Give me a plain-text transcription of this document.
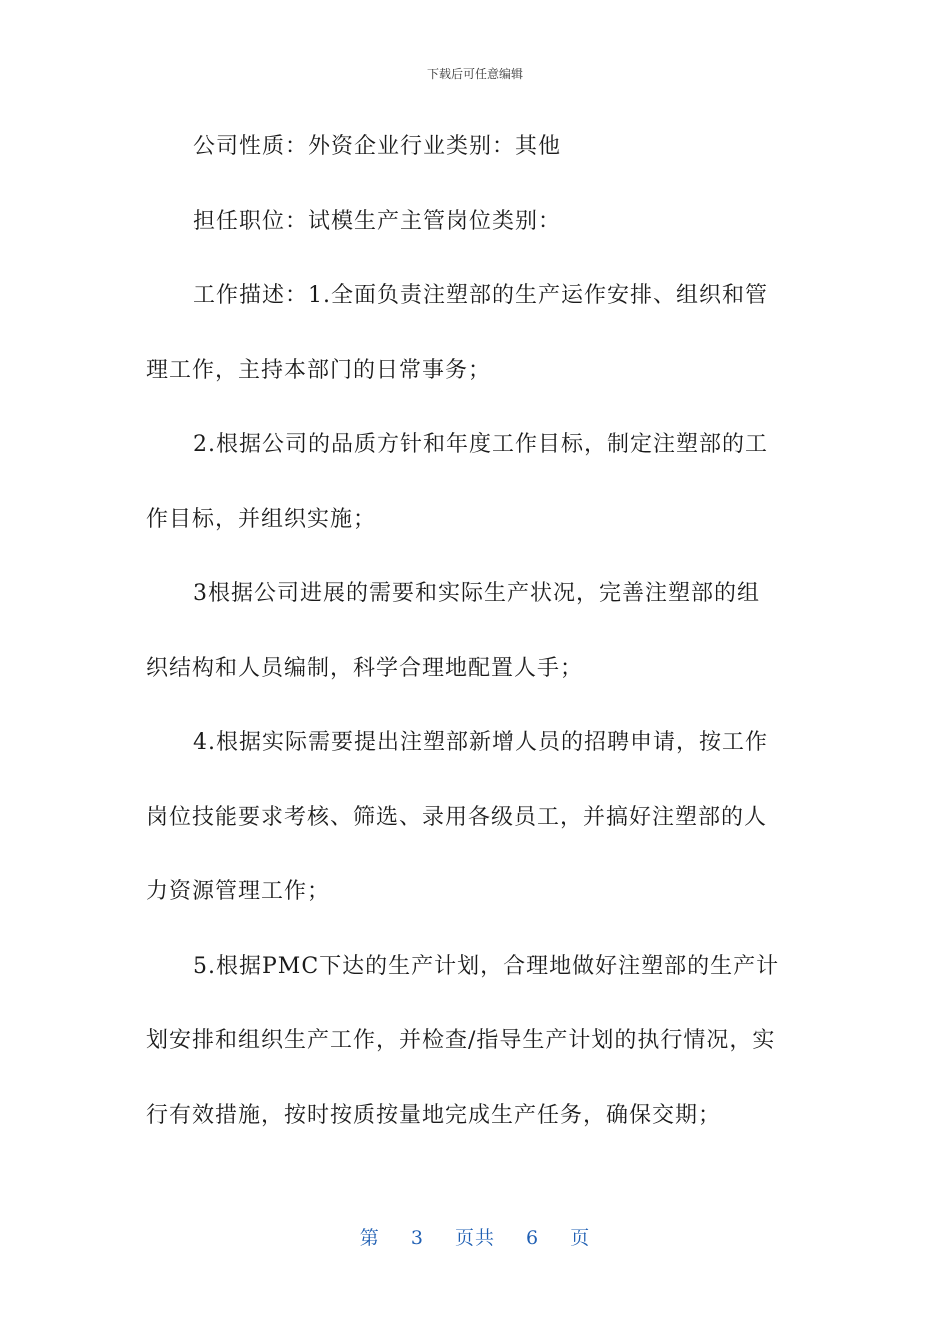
下载后可任意编辑
公司性质：外资企业行业类别：其他
担任职位：试模生产主管岗位类别：
工作描述：1.全面负责注塑部的生产运作安排、组织和管
理工作，主持本部门的日常事务；
2.根据公司的品质方针和年度工作目标，制定注塑部的工
作目标，并组织实施；
3根据公司进展的需要和实际生产状况，完善注塑部的组
织结构和人员编制，科学合理地配置人手；
4.根据实际需要提出注塑部新增人员的招聘申请，按工作
岗位技能要求考核、筛选、录用各级员工，并搞好注塑部的人
力资源管理工作；
5.根据PMC下达的生产计划，合理地做好注塑部的生产计
划安排和组织生产工作，并检查/指导生产计划的执行情况，实
行有效措施，按时按质按量地完成生产任务，确保交期；
第 3 页共 6 页
